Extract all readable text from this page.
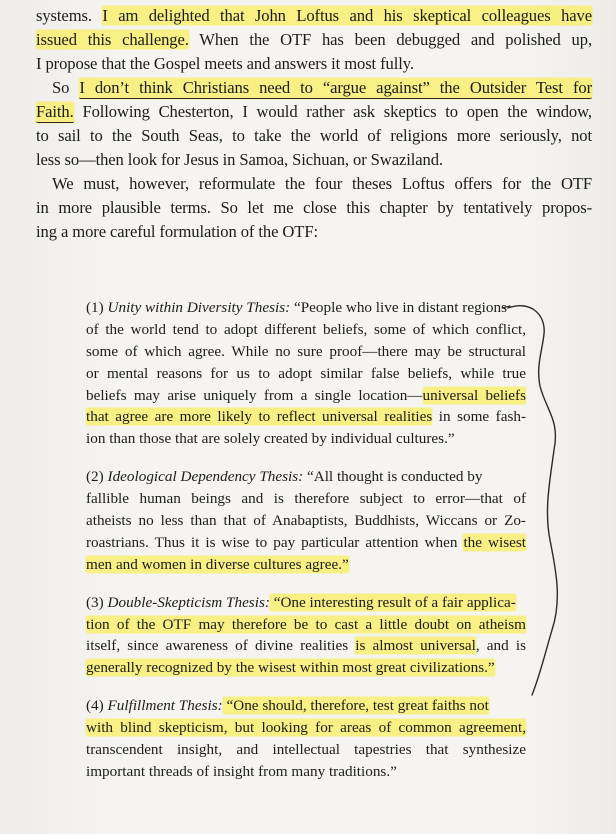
systems. I am delighted that John Loftus and his skeptical colleagues have
issued this challenge. When the OTF has been debugged and polished up,
I propose that the Gospel meets and answers it most fully.
So I don’t think Christians need to “argue against” the Outsider Test for
Faith. Following Chesterton, I would rather ask skeptics to open the window,
to sail to the South Seas, to take the world of religions more seriously, not
less so—then look for Jesus in Samoa, Sichuan, or Swaziland.
We must, however, reformulate the four theses Loftus offers for the OTF
in more plausible terms. So let me close this chapter by tentatively propos-
ing a more careful formulation of the OTF:
(1) Unity within Diversity Thesis: “People who live in distant regions
of the world tend to adopt different beliefs, some of which conflict,
some of which agree. While no sure proof—there may be structural
or mental reasons for us to adopt similar false beliefs, while true
beliefs may arise uniquely from a single location—universal beliefs
that agree are more likely to reflect universal realities in some fash-
ion than those that are solely created by individual cultures.”
(2) Ideological Dependency Thesis: “All thought is conducted by
fallible human beings and is therefore subject to error—that of
atheists no less than that of Anabaptists, Buddhists, Wiccans or Zo-
roastrians. Thus it is wise to pay particular attention when the wisest
men and women in diverse cultures agree.”
(3) Double-Skepticism Thesis: “One interesting result of a fair applica-
tion of the OTF may therefore be to cast a little doubt on atheism
itself, since awareness of divine realities is almost universal, and is
generally recognized by the wisest within most great civilizations.”
(4) Fulfillment Thesis: “One should, therefore, test great faiths not
with blind skepticism, but looking for areas of common agreement,
transcendent insight, and intellectual tapestries that synthesize
important threads of insight from many traditions.”
